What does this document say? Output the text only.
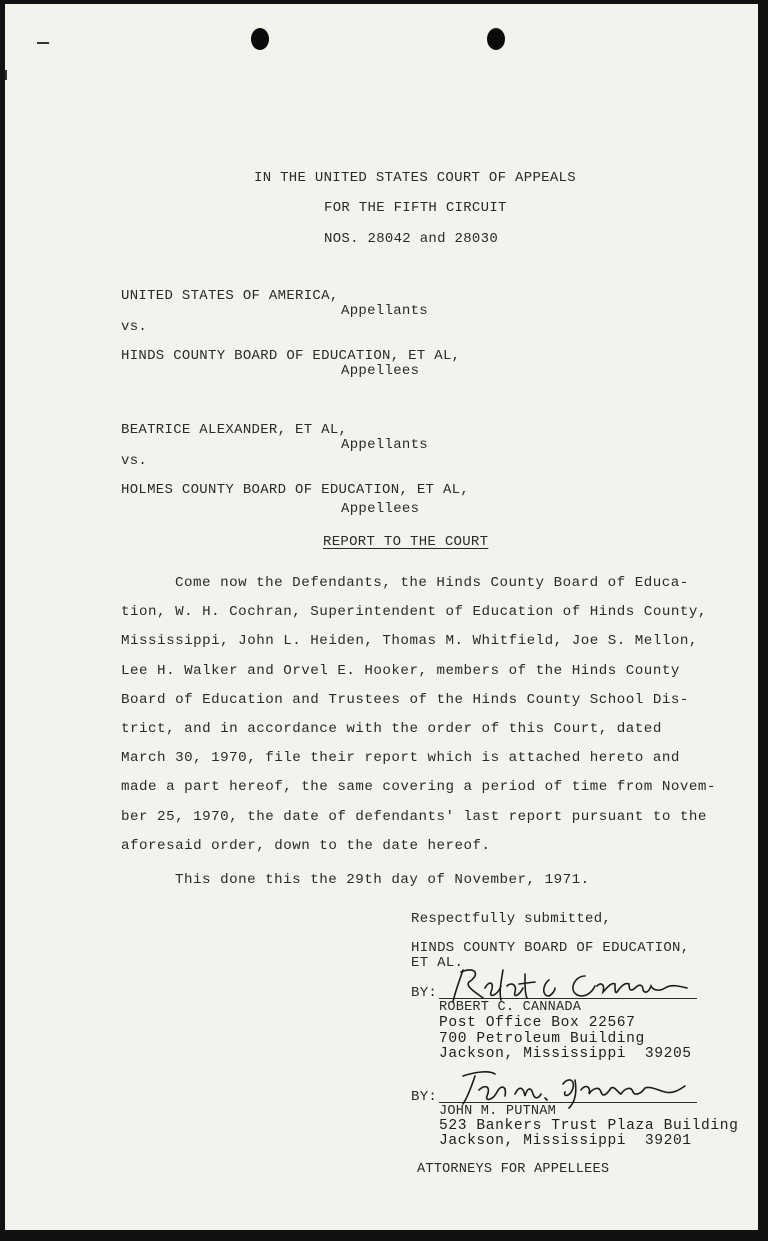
IN THE UNITED STATES COURT OF APPEALS
FOR THE FIFTH CIRCUIT
NOS. 28042 and 28030
UNITED STATES OF AMERICA,
Appellants
vs.
HINDS COUNTY BOARD OF EDUCATION, ET AL,
Appellees
BEATRICE ALEXANDER, ET AL,
Appellants
vs.
HOLMES COUNTY BOARD OF EDUCATION, ET AL,
Appellees
REPORT TO THE COURT
Come now the Defendants, the Hinds County Board of Educa-
tion, W. H. Cochran, Superintendent of Education of Hinds County,
Mississippi, John L. Heiden, Thomas M. Whitfield, Joe S. Mellon,
Lee H. Walker and Orvel E. Hooker, members of the Hinds County
Board of Education and Trustees of the Hinds County School Dis-
trict, and in accordance with the order of this Court, dated
March 30, 1970, file their report which is attached hereto and
made a part hereof, the same covering a period of time from Novem-
ber 25, 1970, the date of defendants' last report pursuant to the
aforesaid order, down to the date hereof.
This done this the 29th day of November, 1971.
Respectfully submitted,
HINDS COUNTY BOARD OF EDUCATION,
ET AL.
BY:
ROBERT C. CANNADA
Post Office Box 22567
700 Petroleum Building
Jackson, Mississippi  39205
BY:
JOHN M. PUTNAM
523 Bankers Trust Plaza Building
Jackson, Mississippi  39201
ATTORNEYS FOR APPELLEES
